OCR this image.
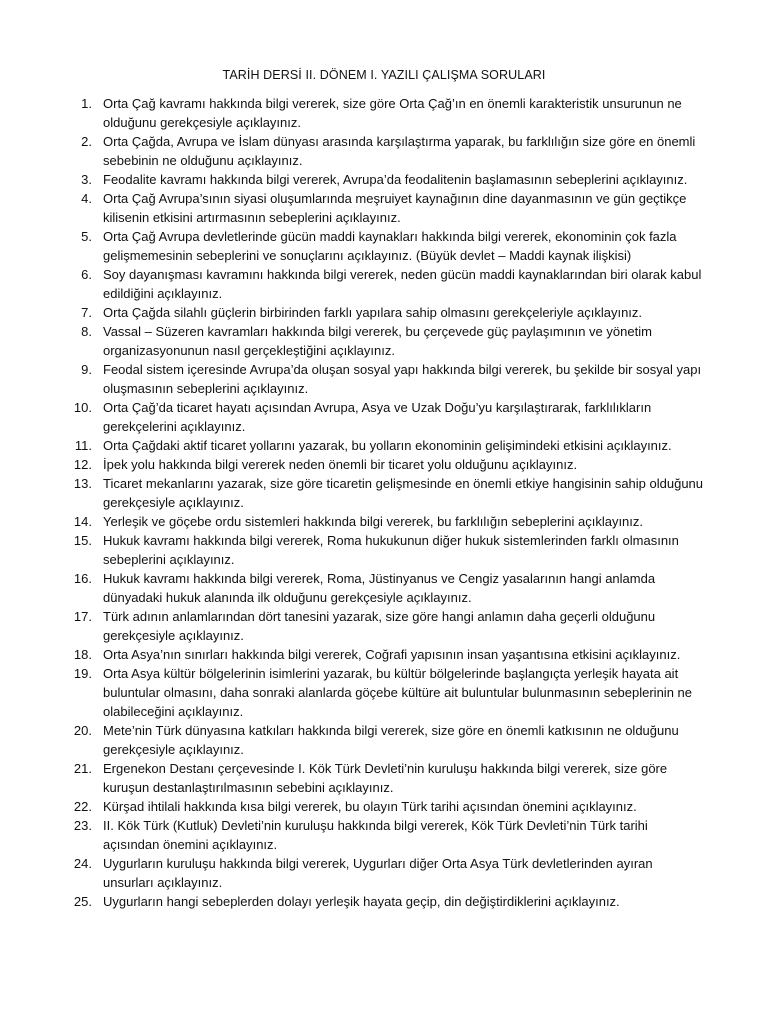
TARİH DERSİ II. DÖNEM I. YAZILI ÇALIŞMA SORULARI
1. Orta Çağ kavramı hakkında bilgi vererek, size göre Orta Çağ’ın en önemli karakteristik unsurunun ne olduğunu gerekçesiyle açıklayınız.
2. Orta Çağda, Avrupa ve İslam dünyası arasında karşılaştırma yaparak, bu farklılığın size göre en önemli sebebinin ne olduğunu açıklayınız.
3. Feodalite kavramı hakkında bilgi vererek, Avrupa’da feodalitenin başlamasının sebeplerini açıklayınız.
4. Orta Çağ Avrupa’sının siyasi oluşumlarında meşruiyet kaynağının dine dayanmasının ve gün geçtikçe kilisenin etkisini artırmasının sebeplerini açıklayınız.
5. Orta Çağ Avrupa devletlerinde gücün maddi kaynakları hakkında bilgi vererek, ekonominin çok fazla gelişmemesinin sebeplerini ve sonuçlarını açıklayınız. (Büyük devlet – Maddi kaynak ilişkisi)
6. Soy dayanışması kavramını hakkında bilgi vererek, neden gücün maddi kaynaklarından biri olarak kabul edildiğini açıklayınız.
7. Orta Çağda silahlı güçlerin birbirinden farklı yapılara sahip olmasını gerekçeleriyle açıklayınız.
8. Vassal – Süzeren kavramları hakkında bilgi vererek, bu çerçevede güç paylaşımının ve yönetim organizasyonunun nasıl gerçekleştiğini açıklayınız.
9. Feodal sistem içeresinde Avrupa’da oluşan sosyal yapı hakkında bilgi vererek, bu şekilde bir sosyal yapı oluşmasının sebeplerini açıklayınız.
10. Orta Çağ’da ticaret hayatı açısından Avrupa, Asya ve Uzak Doğu’yu karşılaştırarak, farklılıkların gerekçelerini açıklayınız.
11. Orta Çağdaki aktif ticaret yollarını yazarak, bu yolların ekonominin gelişimindeki etkisini açıklayınız.
12. İpek yolu hakkında bilgi vererek neden önemli bir ticaret yolu olduğunu açıklayınız.
13. Ticaret mekanlarını yazarak, size göre ticaretin gelişmesinde en önemli etkiye hangisinin sahip olduğunu gerekçesiyle açıklayınız.
14. Yerleşik ve göçebe ordu sistemleri hakkında bilgi vererek, bu farklılığın sebeplerini açıklayınız.
15. Hukuk kavramı hakkında bilgi vererek, Roma hukukunun diğer hukuk sistemlerinden farklı olmasının sebeplerini açıklayınız.
16. Hukuk kavramı hakkında bilgi vererek, Roma, Jüstinyanus ve Cengiz yasalarının hangi anlamda dünyadaki hukuk alanında ilk olduğunu gerekçesiyle açıklayınız.
17. Türk adının anlamlarından dört tanesini yazarak, size göre hangi anlamın daha geçerli olduğunu gerekçesiyle açıklayınız.
18. Orta Asya’nın sınırları hakkında bilgi vererek, Coğrafi yapısının insan yaşantısına etkisini açıklayınız.
19. Orta Asya kültür bölgelerinin isimlerini yazarak, bu kültür bölgelerinde başlangıçta yerleşik hayata ait buluntular olmasını, daha sonraki alanlarda göçebe kültüre ait buluntular bulunmasının sebeplerinin ne olabileceğini açıklayınız.
20. Mete’nin Türk dünyasına katkıları hakkında bilgi vererek, size göre en önemli katkısının ne olduğunu gerekçesiyle açıklayınız.
21. Ergenekon Destanı çerçevesinde I. Kök Türk Devleti’nin kuruluşu hakkında bilgi vererek, size göre kuruşun destanlaştırılmasının sebebini açıklayınız.
22. Kürşad ihtilali hakkında kısa bilgi vererek, bu olayın Türk tarihi açısından önemini açıklayınız.
23. II. Kök Türk (Kutluk) Devleti’nin kuruluşu hakkında bilgi vererek, Kök Türk Devleti’nin Türk tarihi açısından önemini açıklayınız.
24. Uygurların kuruluşu hakkında bilgi vererek, Uygurları diğer Orta Asya Türk devletlerinden ayıran unsurları açıklayınız.
25. Uygurların hangi sebeplerden dolayı yerleşik hayata geçip, din değiştirdiklerini açıklayınız.
